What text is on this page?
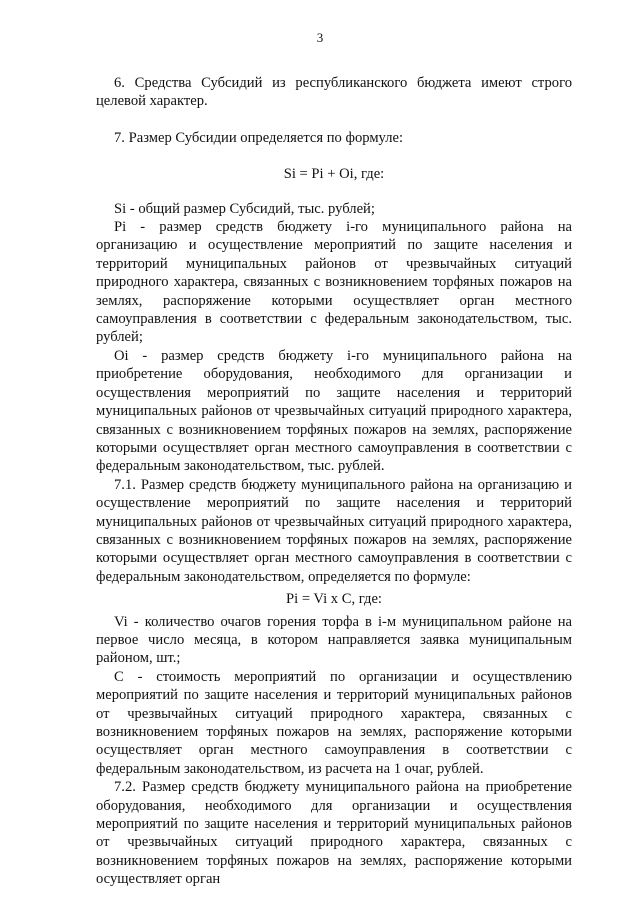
3

6. Средства Субсидий из республиканского бюджета имеют строго целевой характер.

7. Размер Субсидии определяется по формуле:

Si = Pi + Oi, где:

Si - общий размер Субсидий, тыс. рублей;

Pi - размер средств бюджету i-го муниципального района на организацию и осуществление мероприятий по защите населения и территорий муниципальных районов от чрезвычайных ситуаций природного характера, связанных с возникновением торфяных пожаров на землях, распоряжение которыми осуществляет орган местного самоуправления в соответствии с федеральным законодательством, тыс. рублей;

Oi - размер средств бюджету i-го муниципального района на приобретение оборудования, необходимого для организации и осуществления мероприятий по защите населения и территорий муниципальных районов от чрезвычайных ситуаций природного характера, связанных с возникновением торфяных пожаров на землях, распоряжение которыми осуществляет орган местного самоуправления в соответствии с федеральным законодательством, тыс. рублей.

7.1. Размер средств бюджету муниципального района на организацию и осуществление мероприятий по защите населения и территорий муниципальных районов от чрезвычайных ситуаций природного характера, связанных с возникновением торфяных пожаров на землях, распоряжение которыми осуществляет орган местного самоуправления в соответствии с федеральным законодательством, определяется по формуле:

Pi = Vi x C, где:

Vi - количество очагов горения торфа в i-м муниципальном районе на первое число месяца, в котором направляется заявка муниципальным районом, шт.;

C - стоимость мероприятий по организации и осуществлению мероприятий по защите населения и территорий муниципальных районов от чрезвычайных ситуаций природного характера, связанных с возникновением торфяных пожаров на землях, распоряжение которыми осуществляет орган местного самоуправления в соответствии с федеральным законодательством, из расчета на 1 очаг, рублей.

7.2. Размер средств бюджету муниципального района на приобретение оборудования, необходимого для организации и осуществления мероприятий по защите населения и территорий муниципальных районов от чрезвычайных ситуаций природного характера, связанных с возникновением торфяных пожаров на землях, распоряжение которыми осуществляет орган
